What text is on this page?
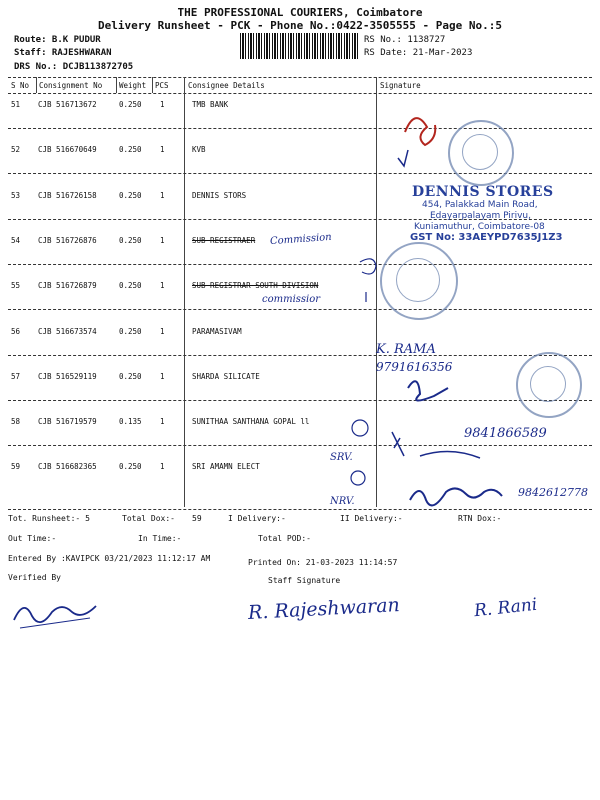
THE PROFESSIONAL COURIERS, Coimbatore
Delivery Runsheet - PCK - Phone No.:0422-3505555 - Page No.:5
Route: B.K PUDUR
Staff: RAJESHWARAN
DRS No.: DCJB113872705
RS No.: 1138727
RS Date: 21-Mar-2023
S No Consignment No Weight PCS	Consignee Details	Signature
51 CJB 516713672	0.250 1	TMB BANK
52 CJB 516670649	0.250 1	KVB
53 CJB 516726158	0.250 1	DENNIS STORS
54 CJB 516726876	0.250 1	SUB REGISTRAER
55 CJB 516726879	0.250 1	SUB REGISTRAR SOUTH DIVISION
56 CJB 516673574	0.250 1	PARAMASIVAM
57 CJB 516529119	0.250 1	SHARDA SILICATE
58 CJB 516719579	0.135 1	SUNITHAA SANTHANA GOPAL ll
59 CJB 516682365	0.250 1	SRI AMAMN ELECT
DENNIS STORES
454, Palakkad Main Road,
Edayarpalayam Pirivu,
Kuniamuthur, Coimbatore-08
GST No: 33AEYPD7635J1Z3
Commission
commissior
K. RAMA
9791616356
9841866589
SRV.
NRV.
9842612778
Tot. Runsheet:- 5	Total Dox:- 59	I Delivery:-	II Delivery:-	RTN Dox:-
Out Time:-	In Time:-	Total POD:-
Entered By :KAVIPCK 03/21/2023 11:12:17 AM	Printed On: 21-03-2023 11:14:57
Verified By	Staff Signature
R. Rajeshwaran	R. Rani
